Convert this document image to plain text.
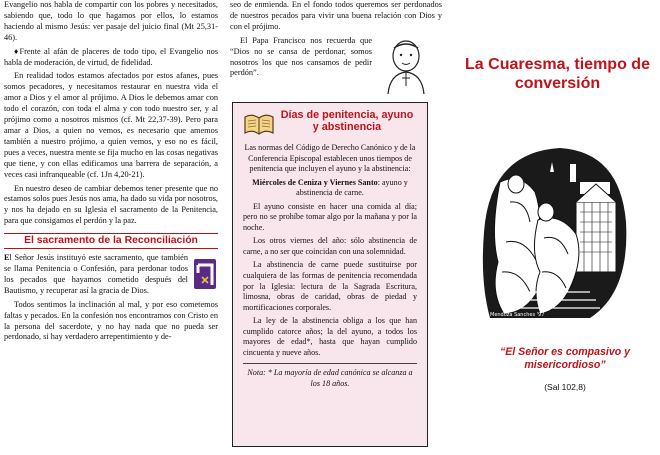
Evangelio nos habla de compartir con los pobres y necesitados, sabiendo que, todo lo que hagamos por ellos, lo estamos haciendo al mismo Jesús: ver pasaje del juicio final (Mt 25,31-46).

♦Frente al afán de placeres de todo tipo, el Evangelio nos habla de moderación, de virtud, de fidelidad.

En realidad todos estamos afectados por estos afanes, pues somos pecadores, y necesitamos restaurar en nuestra vida el amor a Dios y el amor al prójimo. A Dios le debemos amar con todo el corazón, con toda el alma y con todo nuestro ser, y al prójimo como a nosotros mismos (cf. Mt 22,37-39). Pero para amar a Dios, a quien no vemos, es necesario que amemos también a nuestro prójimo, a quien vemos, y eso no es fácil, pues a veces, nuestra mente se fija mucho en las cosas negativas que tiene, y con ellas edificamos una barrera de separación, a veces casi infranqueable (cf. 1Jn 4,20-21).

En nuestro deseo de cambiar debemos tener presente que no estamos solos pues Jesús nos ama, ha dado su vida por nosotros, y nos ha dejado en su Iglesia el sacramento de la Penitencia, para que consigamos el perdón y la paz.

El sacramento de la Reconciliación

El Señor Jesús instituyó este sacramento, que también se llama Penitencia o Confesión, para perdonar todos los pecados que hayamos cometido después del Bautismo, y recuperar así la gracia de Dios.

Todos sentimos la inclinación al mal, y por eso cometemos faltas y pecados. En la confesión nos encontramos con Cristo en la persona del sacerdote, y no hay nada que no pueda ser perdonado, si hay verdadero arrepentimiento y de-

seo de enmienda. En el fondo todos queremos ser perdonados de nuestros pecados para vivir una buena relación con Dios y con el prójimo.

El Papa Francisco nos recuerda que “Dios no se cansa de perdonar, somos nosotros los que nos cansamos de pedir perdón”.

Días de penitencia, ayuno y abstinencia

Las normas del Código de Derecho Canónico y de la Conferencia Episcopal establecen unos tiempos de penitencia que incluyen el ayuno y la abstinencia:

Miércoles de Ceniza y Viernes Santo: ayuno y abstinencia de carne.

El ayuno consiste en hacer una comida al día; pero no se prohíbe tomar algo por la mañana y por la noche.

Los otros viernes del año: sólo abstinencia de carne, a no ser que coincidan con una solemnidad.

La abstinencia de carne puede sustituirse por cualquiera de las formas de penitencia recomendada por la Iglesia: lectura de la Sagrada Escritura, limosna, obras de caridad, obras de piedad y mortificaciones corporales.

La ley de la abstinencia obliga a los que han cumplido catorce años; la del ayuno, a todos los mayores de edad*, hasta que hayan cumplido cincuenta y nueve años.

Nota: * La mayoría de edad canónica se alcanza a los 18 años.

La Cuaresma, tiempo de conversión
Mendoza Sanches '97
“El Señor es compasivo y misericordioso”
(Sal 102,8)
